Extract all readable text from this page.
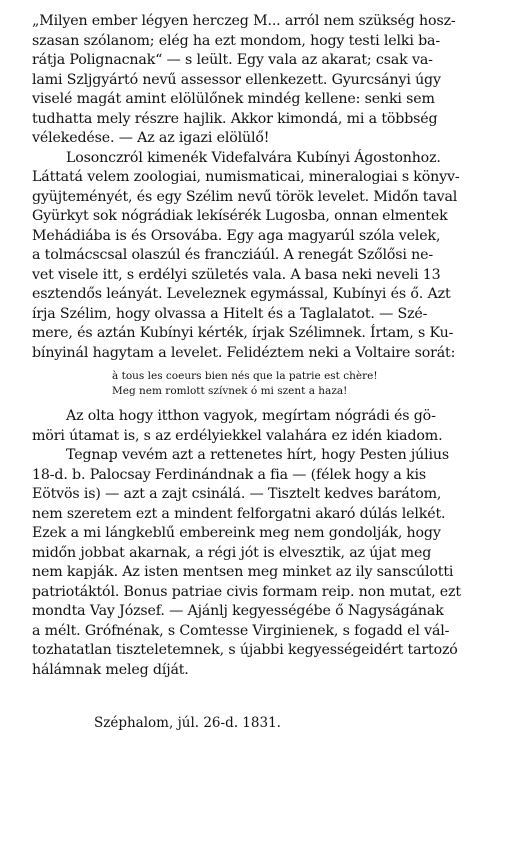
„Milyen ember légyen herczeg M... arról nem szükség hosz-
szasan szólanom; elég ha ezt mondom, hogy testi lelki ba-
rátja Polignacnak“ — s leült. Egy vala az akarat; csak va-
lami Szljgyártó nevű assessor ellenkezett. Gyurcsányi úgy
viselé magát amint elölülőnek mindég kellene: senki sem
tudhatta mely részre hajlik. Akkor kimondá, mi a többség
vélekedése. — Az az igazi elölülő!
Losonczról kimenék Videfalvára Kubínyi Ágostonhoz.
Láttatá velem zoologiai, numismaticai, mineralogiai s könyv-
gyüjteményét, és egy Szélim nevű török levelet. Midőn taval
Gyürkyt sok nógrádiak lekísérék Lugosba, onnan elmentek
Mehádiába is és Orsovába. Egy aga magyarúl szóla velek,
a tolmácscsal olaszúl és francziáúl. A renegát Szőlősi ne-
vet visele itt, s erdélyi születés vala. A basa neki neveli 13
esztendős leányát. Leveleznek egymással, Kubínyi és ő. Azt
írja Szélim, hogy olvassa a Hitelt és a Taglalatot. — Szé-
mere, és aztán Kubínyi kérték, írjak Szélimnek. Írtam, s Ku-
bínyinál hagytam a levelet. Felidéztem neki a Voltaire sorát:
à tous les coeurs bien nés que la patrie est chère!
Meg nem romlott szívnek ó mi szent a haza!
Az olta hogy itthon vagyok, megírtam nógrádi és gö-
möri útamat is, s az erdélyiekkel valahára ez idén kiadom.
Tegnap vevém azt a rettenetes hírt, hogy Pesten július
18-d. b. Palocsay Ferdinándnak a fia — (félek hogy a kis
Eötvös is) — azt a zajt csinálá. — Tisztelt kedves barátom,
nem szeretem ezt a mindent felforgatni akaró dúlás lelkét.
Ezek a mi lángkeblű embereink meg nem gondolják, hogy
midőn jobbat akarnak, a régi jót is elvesztik, az újat meg
nem kapják. Az isten mentsen meg minket az ily sanscúlotti
patriotáktól. Bonus patriae civis formam reip. non mutat, ezt
mondta Vay József. — Ajánlj kegyességébe ő Nagyságának
a mélt. Grófnénak, s Comtesse Virginienek, s fogadd el vál-
tozhatatlan tiszteletemnek, s újabbi kegyességeidért tartozó
hálámnak meleg díját.
Széphalom, júl. 26-d. 1831.
